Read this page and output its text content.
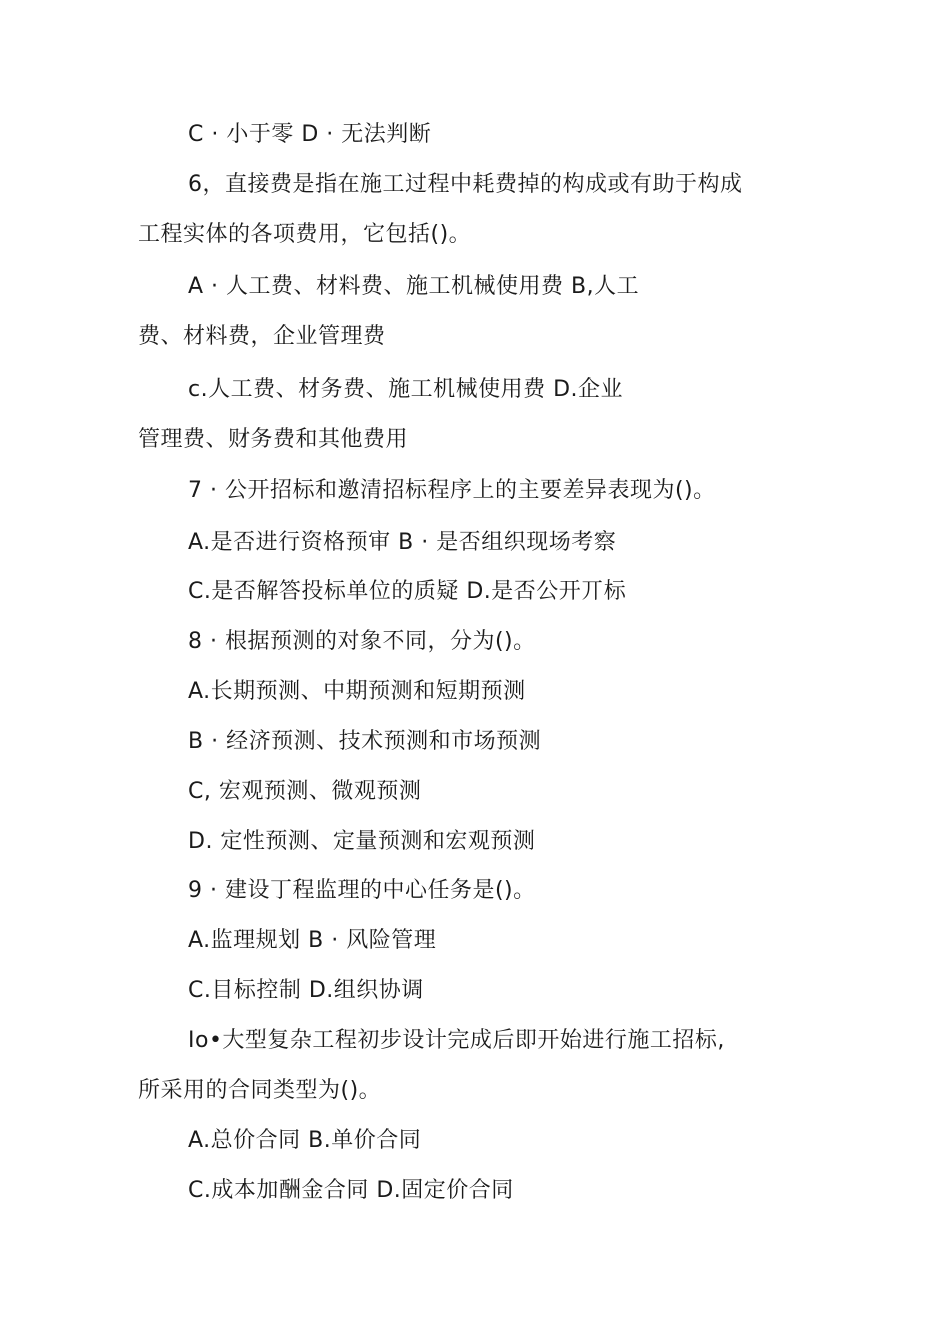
C · 小于零 D · 无法判断
6，直接费是指在施工过程中耗费掉的构成或有助于构成
工程实体的各项费用，它包括()。
A · 人工费、材料费、施工机械使用费 B,人工
费、材料费，企业管理费
c.人工费、材务费、施工机械使用费 D.企业
管理费、财务费和其他费用
7 · 公开招标和邀清招标程序上的主要差异表现为()。
A.是否进行资格预审 B · 是否组织现场考察
C.是否解答投标单位的质疑 D.是否公开丌标
8 · 根据预测的对象不同，分为()。
A.长期预测、中期预测和短期预测
B · 经济预测、技术预测和市场预测
C, 宏观预测、微观预测
D. 定性预测、定量预测和宏观预测
9 · 建设丁程监理的中心任务是()。
A.监理规划 B · 风险管理
C.目标控制 D.组织协调
Io•大型复杂工程初步设计完成后即开始进行施工招标,
所采用的合同类型为()。
A.总价合同 B.单价合同
C.成本加酬金合同 D.固定价合同
